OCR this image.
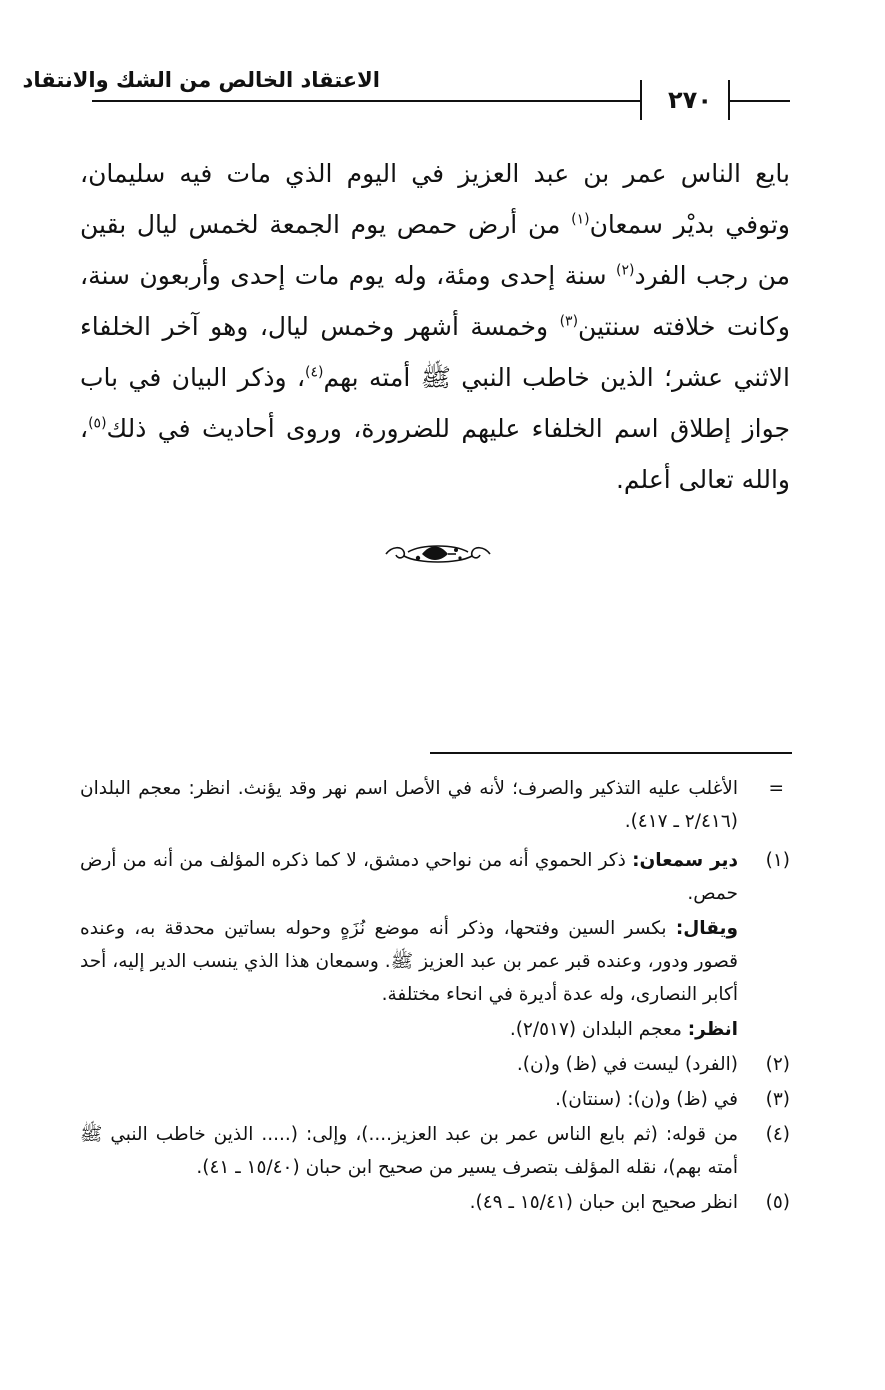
الاعتقاد الخالص من الشك والانتقاد
٢٧٠
بايع الناس عمر بن عبد العزيز في اليوم الذي مات فيه سليمان، وتوفي بديْر سمعان$^{(١)}$ من أرض حمص يوم الجمعة لخمس ليال بقين من رجب الفرد$^{(٢)}$ سنة إحدى ومئة، وله يوم مات إحدى وأربعون سنة، وكانت خلافته سنتين$^{(٣)}$ وخمسة أشهر وخمس ليال، وهو آخر الخلفاء الاثني عشر؛ الذين خاطب النبي ﷺ أمته بهم$^{(٤)}$، وذكر البيان في باب جواز إطلاق اسم الخلفاء عليهم للضرورة، وروى أحاديث في ذلك$^{(٥)}$، والله تعالى أعلم.
=

الأغلب عليه التذكير والصرف؛ لأنه في الأصل اسم نهر وقد يؤنث. انظر: معجم البلدان (٢/٤١٦ ـ ٤١٧).

(١)

دير سمعان: ذكر الحموي أنه من نواحي دمشق، لا كما ذكره المؤلف من أنه من أرض حمص.

ويقال: بكسر السين وفتحها، وذكر أنه موضع نُزَهٍ وحوله بساتين محدقة به، وعنده قصور ودور، وعنده قبر عمر بن عبد العزيز ﷺ. وسمعان هذا الذي ينسب الدير إليه، أحد أكابر النصارى، وله عدة أديرة في انحاء مختلفة.

انظر: معجم البلدان (٢/٥١٧).

(٢)

(الفرد) ليست في (ظ) و(ن).

(٣)

في (ظ) و(ن): (سنتان).

(٤)

من قوله: (ثم بايع الناس عمر بن عبد العزيز....)، وإلى: (..... الذين خاطب النبي ﷺ أمته بهم)، نقله المؤلف بتصرف يسير من صحيح ابن حبان (١٥/٤٠ ـ ٤١).

(٥)

انظر صحيح ابن حبان (١٥/٤١ ـ ٤٩).
